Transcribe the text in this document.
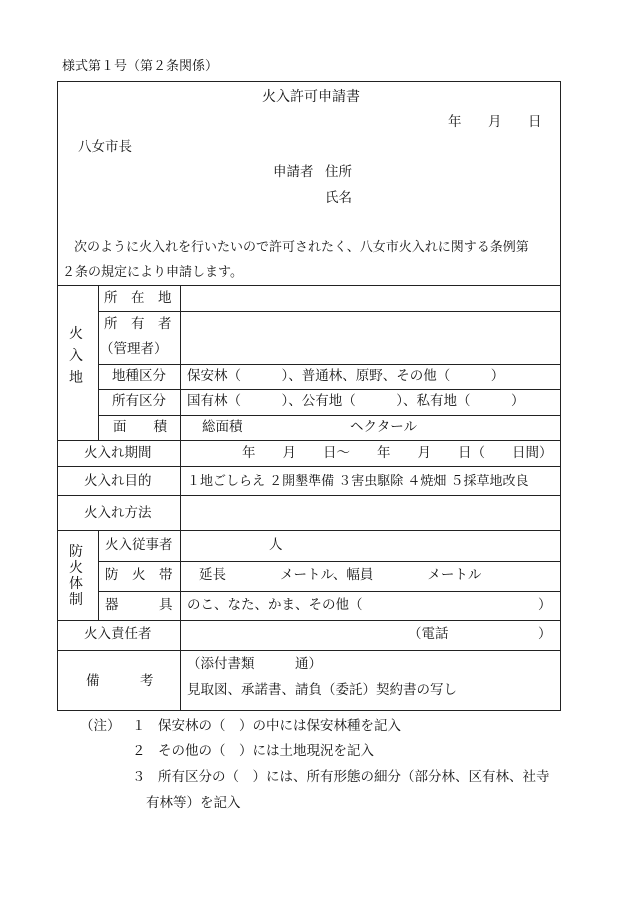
様式第１号（第２条関係）
火入許可申請書
年 月 日
八女市長
申請者 住所
氏名
次のように火入れを行いたいので許可されたく、八女市火入れに関する条例第
２条の規定により申請します。
火
入
地
所　在　地
所　有　者
（管理者）
地種区分 保安林（　　　）、普通林、原野、その他（　　　）
所有区分 国有林（　　　）、公有地（　　　）、私有地（　　　）
面　　積	総面積	ヘクタール
火入れ期間	年　　月　　日～　　年　　月　　日（　　日間）
火入れ目的	１地ごしらえ ２開墾準備 ３害虫駆除 ４焼畑 ５採草地改良
火入れ方法
防
火
体
制
火入従事者	人
防　火　帯 延長　　　　メートル、幅員　　　　メートル
器　　　具 のこ、なた、かま、その他（	）
火入責任者	（電話	）
備　　　考
（添付書類　　　通）
見取図、承諾書、請負（委託）契約書の写し
（注） １ 保安林の（　）の中には保安林種を記入
２ その他の（　）には土地現況を記入
３ 所有区分の（　）には、所有形態の細分（部分林、区有林、社寺
有林等）を記入
